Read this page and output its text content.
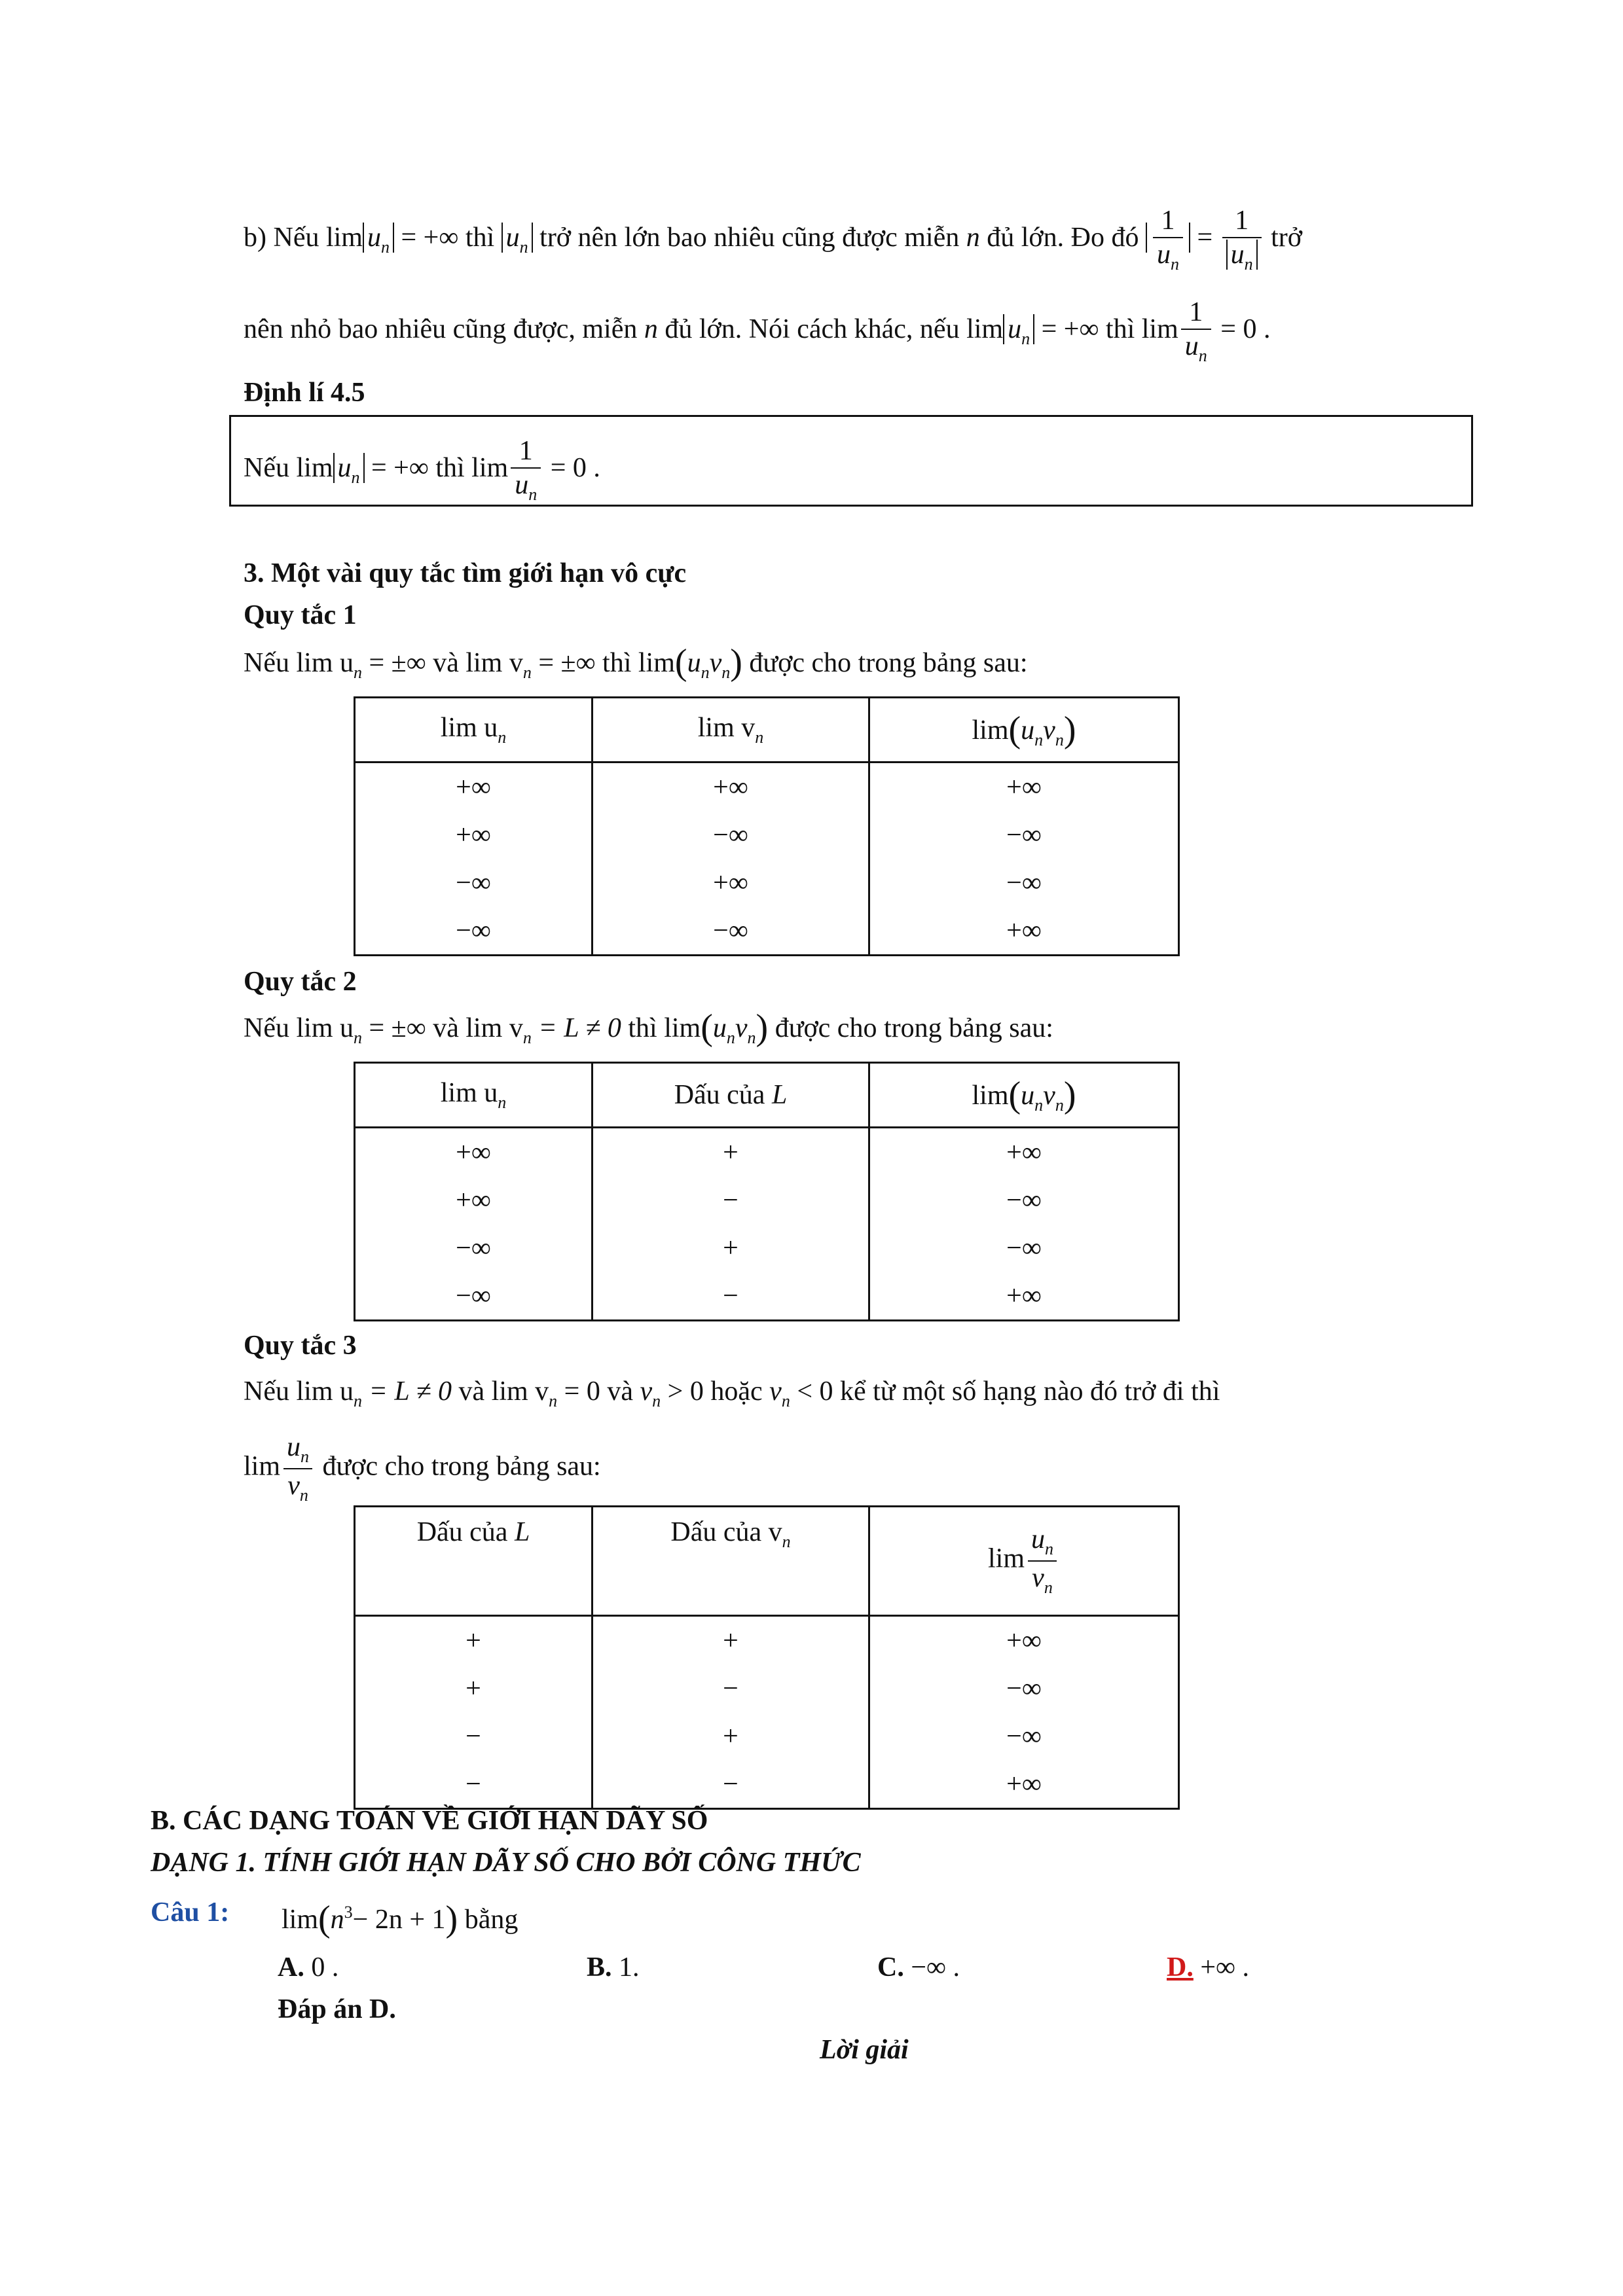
b) Nếu $\lim u_n$ = +∞ thì $u_n$ trở nên lớn bao nhiêu cũng được miễn n đủ lớn. Đo đó $\frac{1}{u_n} = \frac{1}{u_n}$ trở
nên nhỏ bao nhiêu cũng được, miễn n đủ lớn. Nói cách khác, nếu $\lim u_n$ = +∞ thì $\lim \frac{1}{u_n} = 0$ .
Định lí 4.5
Nếu $\lim u_n$ = +∞ thì $\lim \frac{1}{u_n} = 0$ .
3. Một vài quy tắc tìm giới hạn vô cực
Quy tắc 1
Nếu $\lim u_n$ = ±∞ và $\lim v_n$ = ±∞ thì $\lim(u_nv_n)$ được cho trong bảng sau:
$\lim u_n$	$\lim v_n$	$\lim(u_nv_n)$
+∞	+∞	+∞
+∞	−∞	−∞
−∞	+∞	−∞
−∞	−∞	+∞
Quy tắc 2
Nếu $\lim u_n$ = ±∞ và $\lim v_n = L \ne 0$ thì $\lim(u_nv_n)$ được cho trong bảng sau:
$\lim u_n$	Dấu của L	$\lim(u_nv_n)$
+∞	+	+∞
+∞	−	−∞
−∞	+	−∞
−∞	−	+∞
Quy tắc 3
Nếu $\lim u_n = L \ne 0$ và $\lim v_n = 0$ và $v_n > 0$ hoặc $v_n < 0$ kể từ một số hạng nào đó trở đi thì
$\lim \frac{u_n}{v_n}$ được cho trong bảng sau:
Dấu của L	Dấu của $v_n$	$\lim \frac{u_n}{v_n}$

+	+	+∞
+	−	−∞
−	+	−∞
−	−	+∞
B. CÁC DẠNG TOÁN VỀ GIỚI HẠN DÃY SỐ
DẠNG 1. TÍNH GIỚI HẠN DÃY SỐ CHO BỞI CÔNG THỨC
Câu 1: $\lim(n^3- 2n + 1)$ bằng
A. 0 .	B. 1.	C. −∞ .	D. +∞ .
Đáp án D.
Lời giải
